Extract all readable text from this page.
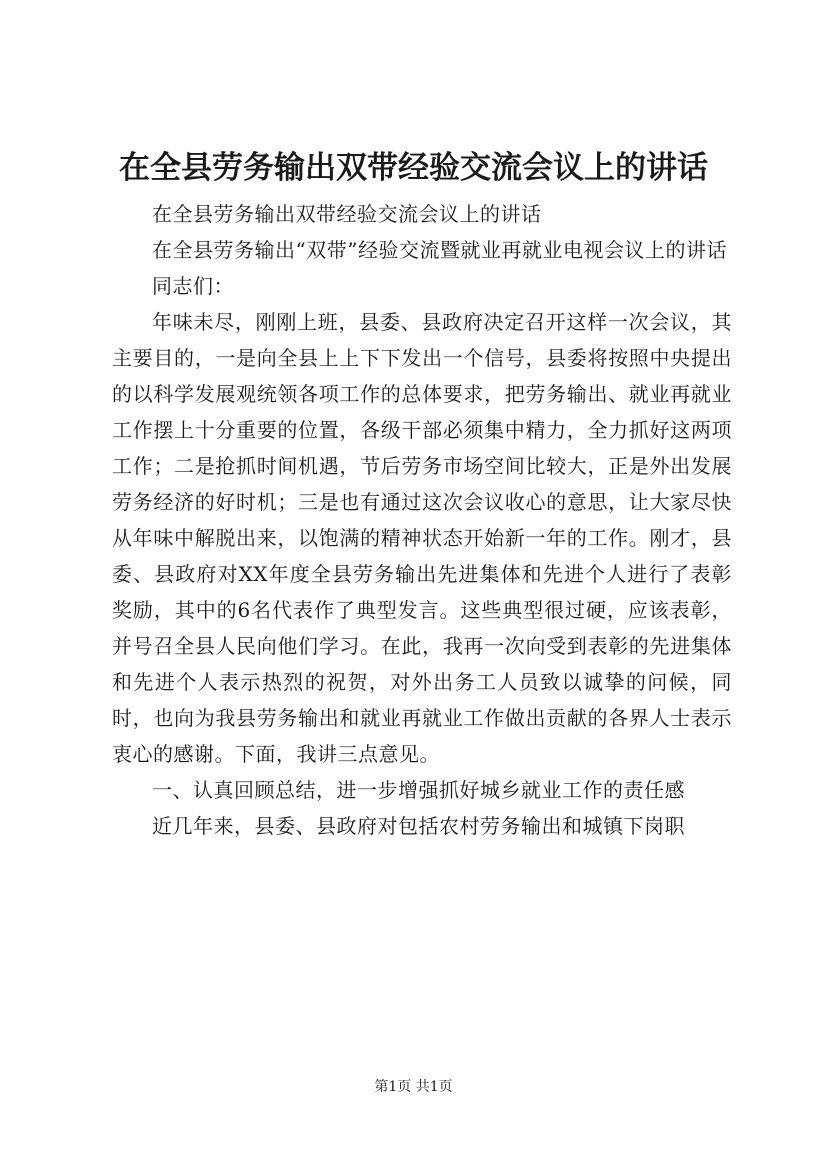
在全县劳务输出双带经验交流会议上的讲话

在全县劳务输出双带经验交流会议上的讲话

在全县劳务输出“双带”经验交流暨就业再就业电视会议上的讲话

同志们：

年味未尽，刚刚上班，县委、县政府决定召开这样一次会议，其主要目的，一是向全县上上下下发出一个信号，县委将按照中央提出的以科学发展观统领各项工作的总体要求，把劳务输出、就业再就业工作摆上十分重要的位置，各级干部必须集中精力，全力抓好这两项工作；二是抢抓时间机遇，节后劳务市场空间比较大，正是外出发展劳务经济的好时机；三是也有通过这次会议收心的意思，让大家尽快从年味中解脱出来，以饱满的精神状态开始新一年的工作。刚才，县委、县政府对XX年度全县劳务输出先进集体和先进个人进行了表彰奖励，其中的6名代表作了典型发言。这些典型很过硬，应该表彰，并号召全县人民向他们学习。在此，我再一次向受到表彰的先进集体和先进个人表示热烈的祝贺，对外出务工人员致以诚挚的问候，同时，也向为我县劳务输出和就业再就业工作做出贡献的各界人士表示衷心的感谢。下面，我讲三点意见。

一、认真回顾总结，进一步增强抓好城乡就业工作的责任感

近几年来，县委、县政府对包括农村劳务输出和城镇下岗职

第1页 共1页
